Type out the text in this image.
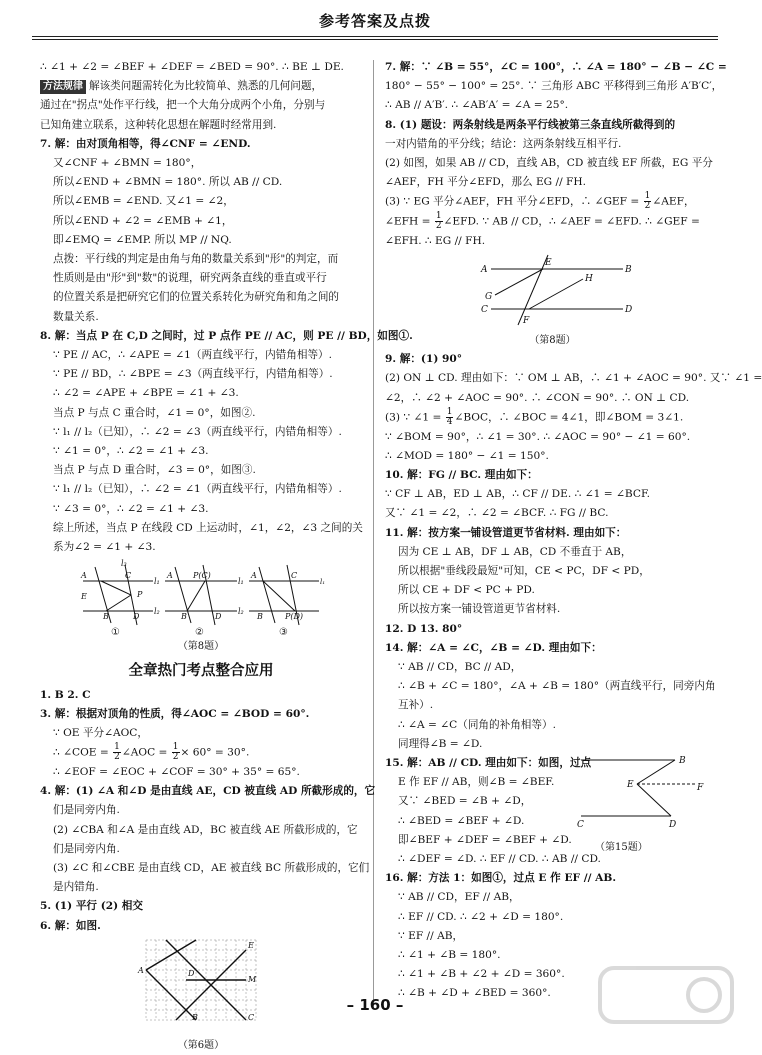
参考答案及点拨
∴ ∠1 + ∠2 = ∠BEF + ∠DEF = ∠BED = 90°. ∴ BE ⊥ DE.
方法规律 解该类问题需转化为比较简单、熟悉的几何问题，
通过在"拐点"处作平行线，把一个大角分成两个小角，分别与
已知角建立联系，这种转化思想在解题时经常用到.
7. 解：由对顶角相等，得∠CNF = ∠END.
又∠CNF + ∠BMN = 180°，
所以∠END + ∠BMN = 180°. 所以 AB // CD.
所以∠EMB = ∠END. 又∠1 = ∠2，
所以∠END + ∠2 = ∠EMB + ∠1，
即∠EMQ = ∠EMP. 所以 MP // NQ.
点拨：平行线的判定是由角与角的数量关系到"形"的判定，而
性质则是由"形"到"数"的说理，研究两条直线的垂直或平行
的位置关系是把研究它们的位置关系转化为研究角和角之间的
数量关系.
8. 解：当点 P 在 C,D 之间时，过 P 点作 PE // AC，则 PE // BD，如图①.
∵ PE // AC，∴ ∠APE = ∠1（两直线平行，内错角相等）.
∵ PE // BD，∴ ∠BPE = ∠3（两直线平行，内错角相等）.
∴ ∠2 = ∠APE + ∠BPE = ∠1 + ∠3.
当点 P 与点 C 重合时，∠1 = 0°，如图②.
∵ l₁ // l₂（已知），∴ ∠2 = ∠3（两直线平行，内错角相等）.
∵ ∠1 = 0°，∴ ∠2 = ∠1 + ∠3.
当点 P 与点 D 重合时，∠3 = 0°，如图③.
∵ l₁ // l₂（已知），∴ ∠2 = ∠1（两直线平行，内错角相等）.
∵ ∠3 = 0°，∴ ∠2 = ∠1 + ∠3.
综上所述，当点 P 在线段 CD 上运动时，∠1，∠2，∠3 之间的关
系为∠2 = ∠1 + ∠3.
A
E
B
l₃
P
D
C
l₁
l₂
A	P(C)
B	D
l₁
l₂
A	C
B	P(D)
l₁
①	②	③
（第8题）
全章热门考点整合应用
1. B 2. C
3. 解：根据对顶角的性质，得∠AOC = ∠BOD = 60°.
∵ OE 平分∠AOC，
∴ ∠COE = $\frac{1}{2}$ ∠AOC = $\frac{1}{2} \times 60^\circ = 30^\circ$.
∴ ∠EOF = ∠EOC + ∠COF = 30° + 35° = 65°.
4. 解：(1) ∠A 和∠D 是由直线 AE，CD 被直线 AD 所截形成的，它
们是同旁内角.
(2) ∠CBA 和∠A 是由直线 AD，BC 被直线 AE 所截形成的，它
们是同旁内角.
(3) ∠C 和∠CBE 是由直线 CD，AE 被直线 BC 所截形成的，它们
是内错角.
5. (1) 平行 (2) 相交
6. 解：如图.
A
E
M
C
D
B
（第6题）
7. 解：∵ ∠B = 55°，∠C = 100°，∴ ∠A = 180° − ∠B − ∠C =
180° − 55° − 100° = 25°. ∵ 三角形 ABC 平移得到三角形 A′B′C′，
∴ AB // A′B′. ∴ ∠AB′A′ = ∠A = 25°.
8. (1) 题设：两条射线是两条平行线被第三条直线所截得到的
一对内错角的平分线；结论：这两条射线互相平行.
(2) 如图，如果 AB // CD，直线 AB，CD 被直线 EF 所截，EG 平分
∠AEF，FH 平分∠EFD，那么 EG // FH.
(3) ∵ EG 平分∠AEF，FH 平分∠EFD，∴ ∠GEF = $\frac{1}{2}$ ∠AEF，
∠EFH = $\frac{1}{2}$ ∠EFD. ∵ AB // CD，∴ ∠AEF = ∠EFD. ∴ ∠GEF =
∠EFH. ∴ EG // FH.
A	B
C	D
E
F
G
H
（第8题）
9. 解：(1) 90°
(2) ON ⊥ CD. 理由如下：∵ OM ⊥ AB，∴ ∠1 + ∠AOC = 90°. 又∵ ∠1 =
∠2，∴ ∠2 + ∠AOC = 90°. ∴ ∠CON = 90°. ∴ ON ⊥ CD.
(3) ∵ ∠1 = $\frac{1}{4}$ ∠BOC，∴ ∠BOC = 4∠1，即∠BOM = 3∠1.
∵ ∠BOM = 90°，∴ ∠1 = 30°. ∴ ∠AOC = 90° − ∠1 = 60°.
∴ ∠MOD = 180° − ∠1 = 150°.
10. 解：FG // BC. 理由如下：
∵ CF ⊥ AB，ED ⊥ AB，∴ CF // DE. ∴ ∠1 = ∠BCF.
又∵ ∠1 = ∠2，∴ ∠2 = ∠BCF. ∴ FG // BC.
11. 解：按方案一铺设管道更节省材料. 理由如下：
因为 CE ⊥ AB，DF ⊥ AB，CD 不垂直于 AB，
所以根据"垂线段最短"可知，CE < PC，DF < PD，
所以 CE + DF < PC + PD.
所以按方案一铺设管道更节省材料.
12. D 13. 80°
14. 解：∠A = ∠C，∠B = ∠D. 理由如下：
∵ AB // CD，BC // AD，
∴ ∠B + ∠C = 180°，∠A + ∠B = 180°（两直线平行，同旁内角
互补）.
∴ ∠A = ∠C（同角的补角相等）.
同理得∠B = ∠D.
15. 解：AB // CD. 理由如下：如图，过点
E 作 EF // AB，则∠B = ∠BEF.
又∵ ∠BED = ∠B + ∠D，
∴ ∠BED = ∠BEF + ∠D.
即∠BEF + ∠DEF = ∠BEF + ∠D.
∴ ∠DEF = ∠D. ∴ EF // CD. ∴ AB // CD.
B
E	F
C	D
（第15题）
16. 解：方法 1：如图①，过点 E 作 EF // AB.
∵ AB // CD，EF // AB，
∴ EF // CD. ∴ ∠2 + ∠D = 180°.
∵ EF // AB，
∴ ∠1 + ∠B = 180°.
∴ ∠1 + ∠B + ∠2 + ∠D = 360°.
∴ ∠B + ∠D + ∠BED = 360°.
– 160 –
